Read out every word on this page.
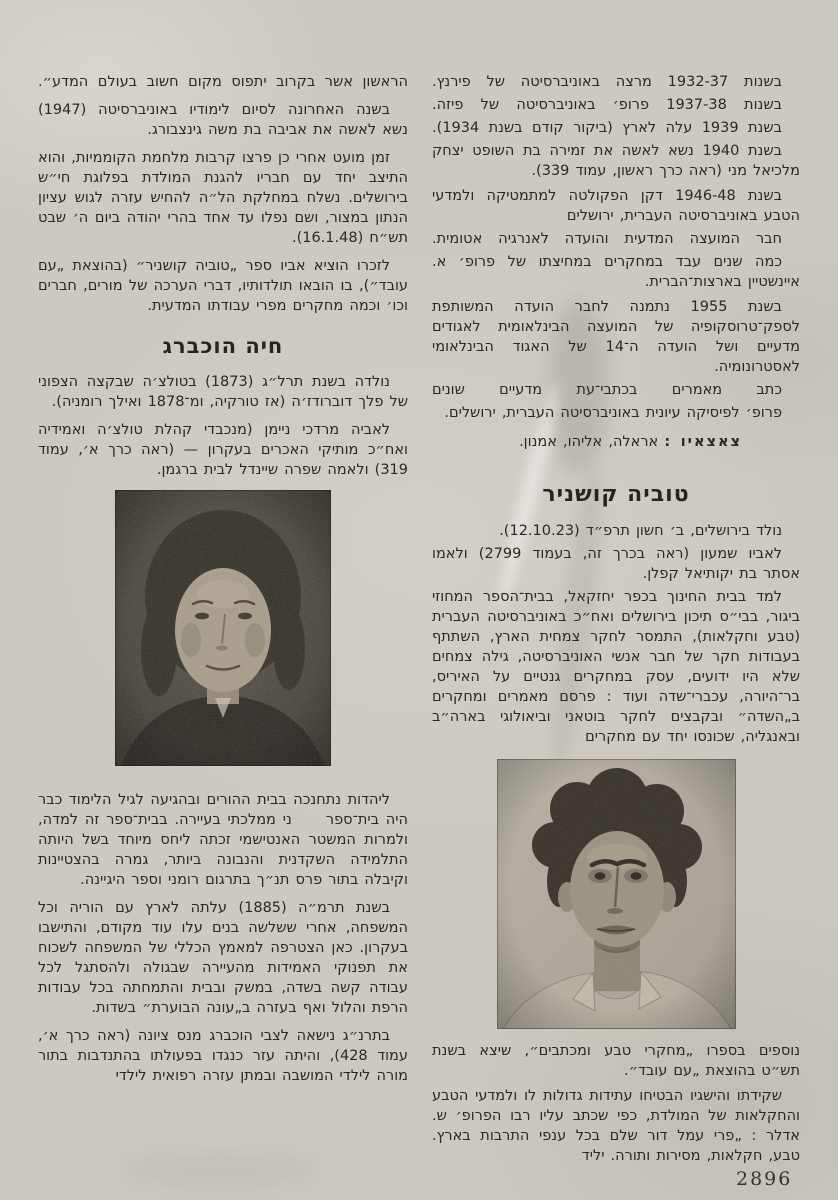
בשנות 1932-37 מרצה באוניברסיטה של פירנץ.

בשנות 1937-38 פרופ׳ באוניברסיטה של פיזה.

בשנת 1939 עלה לארץ (ביקור קודם בשנת 1934).

בשנת 1940 נשא לאשה את זמירה בת השופט יצחק מלכיאל מני (ראה כרך ראשון, עמוד 339).

בשנת 1946-48 דקן הפקולטה למתמטיקה ולמדעי הטבע באוניברסיטה העברית, ירושלים

חבר המועצה המדעית והועדה לאנרגיה אטומית.

כמה שנים עבד במחקרים במחיצתו של פרופ׳ א. איינשטיין בארצות־הברית.

בשנת 1955 נתמנה לחבר הועדה המשותפת לספק־טרוסקופיה של המועצה הבינלאומית לאגודים מדעיים ושל הועדה ה־14 של האגוד הבינלאומי לאסטרונומיה.

כתב מאמרים בכתבי־עת מדעיים שונים

פרופ׳ לפיסיקה עיונית באוניברסיטה העברית, ירושלים.

צאצאיו : אראלה, אליהו, אמנון.

טוביה קושניר

נולד בירושלים, ב׳ חשון תרפ״ד (12.10.23).

לאביו שמעון (ראה בכרך זה, בעמוד 2799) ולאמו אסתר בת יקותיאל קפלן.

למד בבית החינוך בכפר יחזקאל, בבית־הספר המחוזי ביגור, בבי״ס תיכון בירושלים ואח״כ באוניברסיטה העברית (טבע וחקלאות), התמסר לחקר צמחית הארץ, השתתף בעבודות חקר של חבר אנשי האוניברסיטה, גילה צמחים שלא היו ידועים, עסק במחקרים גנטיים על האיריס, בר־היורה, עכברי־שדה ועוד : פרסם מאמרים ומחקרים ב„השדה״ ובקבצים לחקר בוטאני וביאולוגי בארה״ב ובאנגליה, שכונסו יחד עם מחקרים

נוספים בספרו „מחקרי טבע ומכתבים״, שיצא בשנת תש״ט בהוצאת „עם עובד״.

שקידתו והישגיו הבטיחו עתידות גדולות לו ולמדעי הטבע והחקלאות של המולדת, כפי שכתב עליו רבו הפרופ׳ ש. אדלר : „פרי עמל דור שלם בכל ענפי התרבות בארץ. טבע, חקלאות, מסירות ותורה. יליד

הראשון אשר בקרוב יתפוס מקום חשוב בעולם המדע״.

בשנה האחרונה לסיום לימודיו באוניברסיטה (1947) נשא לאשה את אביבה בת משה גינצבורג.

זמן מועט אחרי כן פרצו קרבות מלחמת הקוממיות, והוא התיצב יחד עם חבריו להגנת המולדת בפלוגת חי״ש בירושלים. נשלח במחלקת הל״ה להחיש עזרה לגוש עציון הנתון במצור, ושם נפלו עד אחד בהרי יהודה ביום ה׳ שבט תש״ח (16.1.48).

לזכרו הוציא אביו ספר „טוביה קושניר״ (בהוצאת „עם עובד״), בו הובאו תולדותיו, דברי הערכה של מורים, חברים וכו׳ וכמה מחקרים מפרי עבודתו המדעית.

חיה הוכברג

נולדה בשנת תרל״ג (1873) בטולצ׳ה שבקצה הצפוני של פלך דוברודז׳ה (אז טורקיה, ומ־1878 ואילך רומניה).

לאביה מרדכי ניימן (מנכבדי קהלת טולצ׳ה ואמידיה ואח״כ מותיקי האכרים בעקרון — (ראה כרך א׳, עמוד 319) ולאמה שפרה שיינדל לבית ברגמן.

ליהדות נתחנכה בבית ההורים ובהגיעה לגיל הלימוד כבר היה בית־ספר     ני ממלכתי בעיירה. בבית־ספר זה למדה, ולמרות המשטר האנטישמי זכתה ליחס מיוחד בשל היותה התלמידה השקדנית והנבונה ביותר, גמרה בהצטיינות וקיבלה בתור פרס תנ״ך בתרגום רומני וספר היגיינה.

בשנת תרמ״ה (1885) עלתה לארץ עם הוריה וכל המשפחה, אחרי ששלשה בנים עלו עוד מקודם, והתישבו בעקרון. כאן הצטרפה למאמץ הכללי של המשפחה לשכוח את תפנוקי האמידות מהעיירה שבגולה ולהסתגל לכל עבודה קשה בשדה, במשק ובבית והתמחתה בכל עבודות הרפת והלול ואף בעזרה ב„עונה הבוערת״ בשדות.

בתרנ״ג נישאה לצבי הוכברג מנס ציונה (ראה כרך א׳, עמוד 428), והיתה עזר כנגדו בפעולתו בהתנדבות בתור מורה לילדי המושבה ובמתן עזרה רפואית לילדי

2896
